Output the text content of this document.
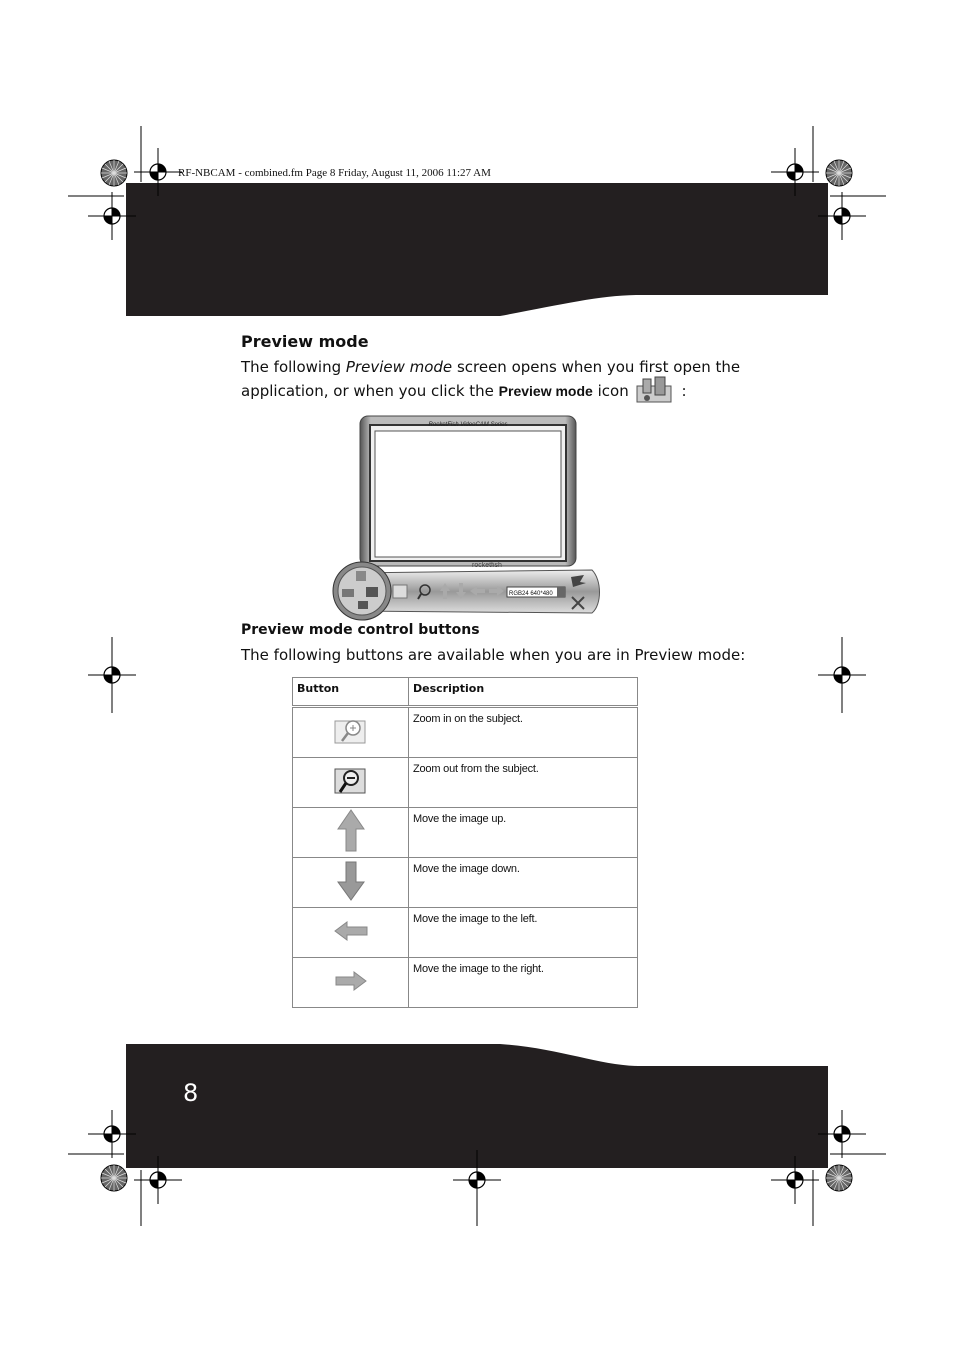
RF-NBCAM - combined.fm Page 8 Friday, August 11, 2006 11:27 AM
Preview mode
The following Preview mode screen opens when you first open the application, or when you click the Preview mode icon	:
RocketFish VideoCAM Series
rocketfish
RGB24 640*480
Preview mode control buttons
The following buttons are available when you are in Preview mode:
Button	Description
	Zoom in on the subject.
	Zoom out from the subject.
	Move the image up.
	Move the image down.
	Move the image to the left.
	Move the image to the right.
8
